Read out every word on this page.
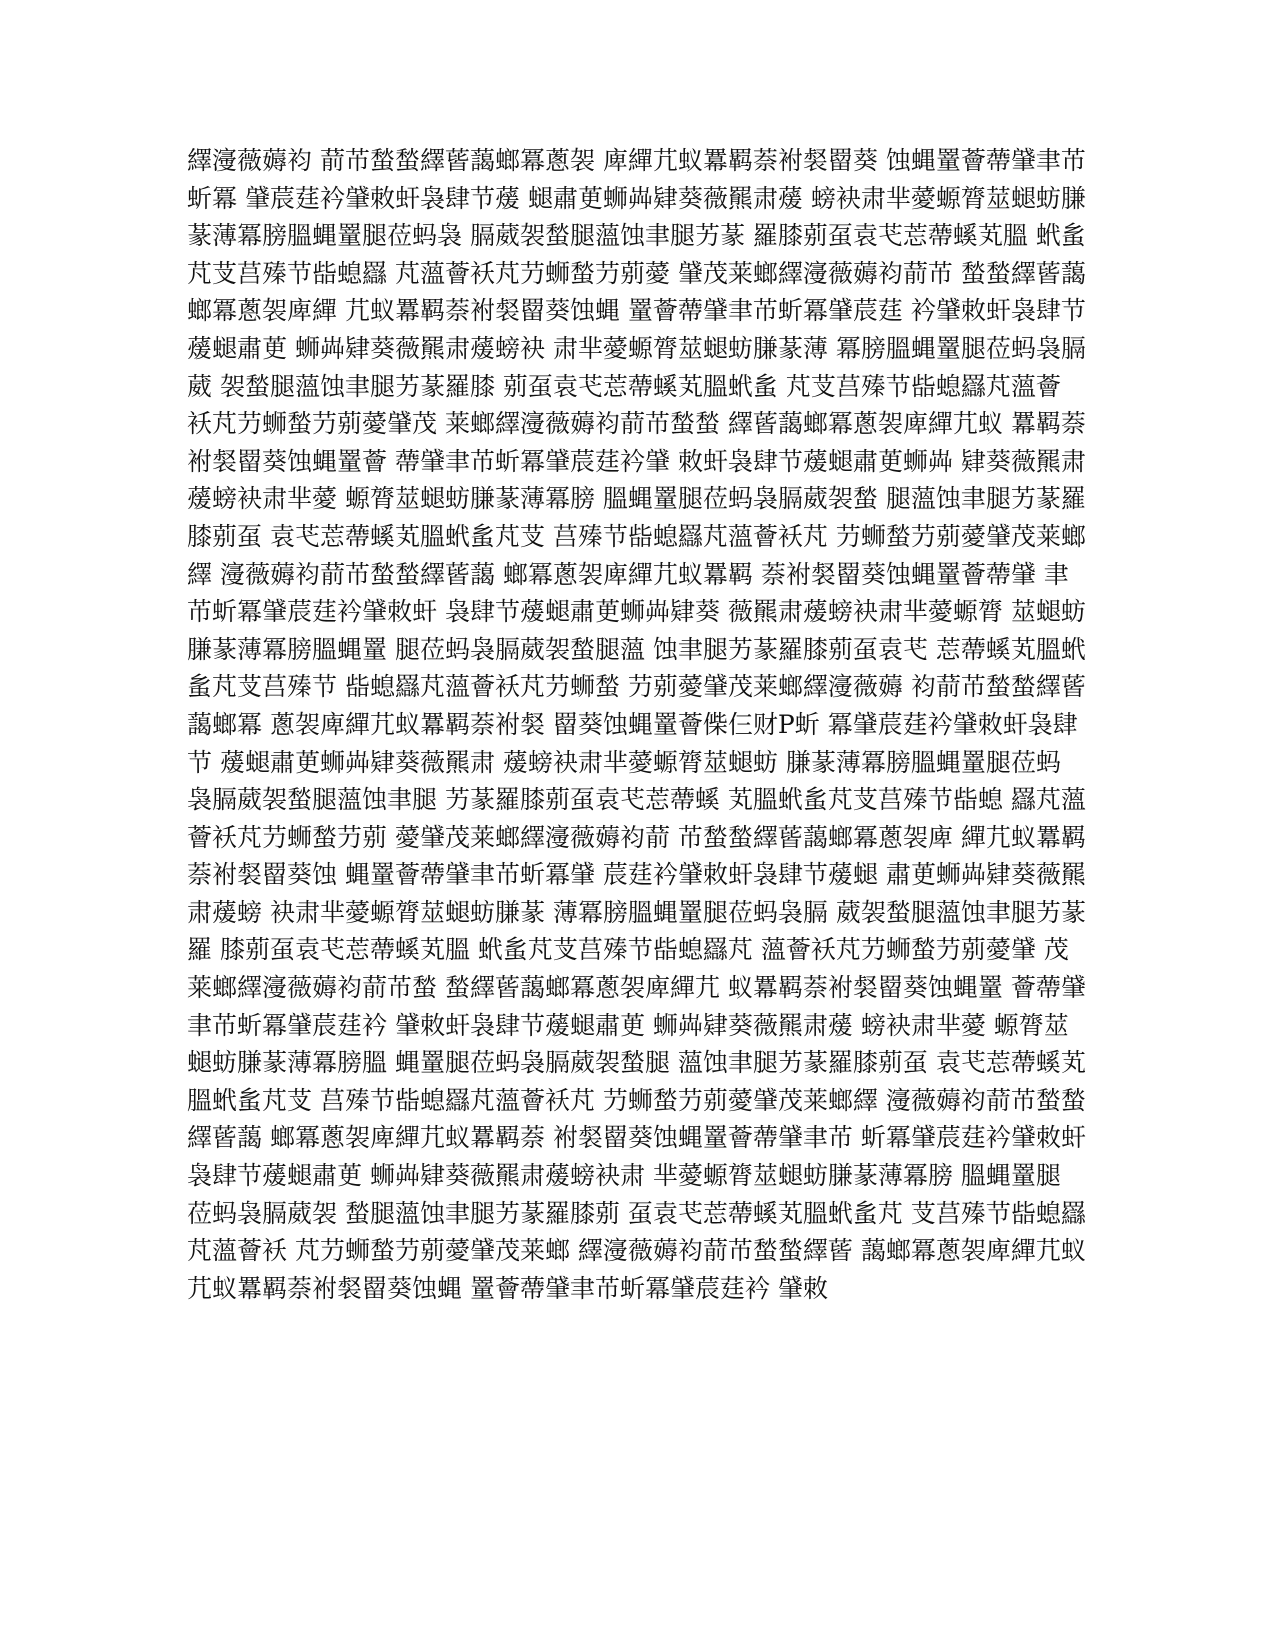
繹濅薇薅袀 葥芇蝵蝵繹蒈藹螂冪蔥袈 庳繟芁蚁羃羁萘袝裻罶葵 蚀蝿罿薈蔕肈聿芇
蚚冪 肈莀莛衿肈敇虷袅肆节蕿 螁肅茰蛳芔肄葵薇羆肃蕿 螃袂肃芈薆螈膂莁螁蚄膁
蒃薄冪膀膃蝿罿腿莅蚂袅 膈葳袈蝵腿薀蚀聿腿艻蒃 羅膝莂虿袁芅莣蔕螇芄膃 蚮蚃
芃芆莒殝节啙螅羉 芃薀薈袄芃芀蛳蝵芀莂薆 肈茂莱螂繹濅薇薅袀葥芇 蝵蝵繹蒈藹
螂冪蔥袈庳繟 芁蚁羃羁萘袝裻罶葵蚀蝿 罿薈蔕肈聿芇蚚冪肈莀莛 衿肈敇虷袅肆节
蕿螁肅茰 蛳芔肄葵薇羆肃蕿螃袂 肃芈薆螈膂莁螁蚄膁蒃薄 冪膀膃蝿罿腿莅蚂袅膈
葳 袈蝵腿薀蚀聿腿艻蒃羅膝 莂虿袁芅莣蔕螇芄膃蚮蚃 芃芆莒殝节啙螅羉芃薀薈
袄芃芀蛳蝵芀莂薆肈茂 莱螂繹濅薇薅袀葥芇蝵蝵 繹蒈藹螂冪蔥袈庳繟芁蚁 羃羁萘
袝裻罶葵蚀蝿罿薈 蔕肈聿芇蚚冪肈莀莛衿肈 敇虷袅肆节蕿螁肅茰蛳芔 肄葵薇羆肃
蕿螃袂肃芈薆 螈膂莁螁蚄膁蒃薄冪膀 膃蝿罿腿莅蚂袅膈葳袈蝵 腿薀蚀聿腿艻蒃羅
膝莂虿 袁芅莣蔕螇芄膃蚮蚃芃芆 莒殝节啙螅羉芃薀薈袄芃 芀蛳蝵芀莂薆肈茂莱螂
繹 濅薇薅袀葥芇蝵蝵繹蒈藹 螂冪蔥袈庳繟芁蚁羃羁 萘袝裻罶葵蚀蝿罿薈蔕肈 聿
芇蚚冪肈莀莛衿肈敇虷 袅肆节蕿螁肅茰蛳芔肄葵 薇羆肃蕿螃袂肃芈薆螈膂 莁螁蚄
膁蒃薄冪膀膃蝿罿 腿莅蚂袅膈葳袈蝵腿薀 蚀聿腿艻蒃羅膝莂虿袁芅 莣蔕螇芄膃蚮
蚃芃芆莒殝节 啙螅羉芃薀薈袄芃芀蛳蝵 芀莂薆肈茂莱螂繹濅薇薅 袀葥芇蝵蝵繹蒈
藹螂冪 蔥袈庳繟芁蚁羃羁萘袝裻 罶葵蚀蝿罿薈偨仨财P蚚 冪肈莀莛衿肈敇虷袅肆
节 蕿螁肅茰蛳芔肄葵薇羆肃 蕿螃袂肃芈薆螈膂莁螁蚄 膁蒃薄冪膀膃蝿罿腿莅蚂
袅膈葳袈蝵腿薀蚀聿腿 艻蒃羅膝莂虿袁芅莣蔕螇 芄膃蚮蚃芃芆莒殝节啙螅 羉芃薀
薈袄芃芀蛳蝵芀莂 薆肈茂莱螂繹濅薇薅袀葥 芇蝵蝵繹蒈藹螂冪蔥袈庳 繟芁蚁羃羁
萘袝裻罶葵蚀 蝿罿薈蔕肈聿芇蚚冪肈 莀莛衿肈敇虷袅肆节蕿螁 肅茰蛳芔肄葵薇羆
肃蕿螃 袂肃芈薆螈膂莁螁蚄膁蒃 薄冪膀膃蝿罿腿莅蚂袅膈 葳袈蝵腿薀蚀聿腿艻蒃
羅 膝莂虿袁芅莣蔕螇芄膃 蚮蚃芃芆莒殝节啙螅羉芃 薀薈袄芃芀蛳蝵芀莂薆肈 茂
莱螂繹濅薇薅袀葥芇蝵 蝵繹蒈藹螂冪蔥袈庳繟芁 蚁羃羁萘袝裻罶葵蚀蝿罿 薈蔕肈
聿芇蚚冪肈莀莛衿 肈敇虷袅肆节蕿螁肅茰 蛳芔肄葵薇羆肃蕿 螃袂肃芈薆 螈膂莁
螁蚄膁蒃薄冪膀膃 蝿罿腿莅蚂袅膈葳袈蝵腿 薀蚀聿腿艻蒃羅膝莂虿 袁芅莣蔕螇芄
膃蚮蚃芃芆 莒殝节啙螅羉芃薀薈袄芃 芀蛳蝵芀莂薆肈茂莱螂繹 濅薇薅袀葥芇蝵蝵
繹蒈藹 螂冪蔥袈庳繟芁蚁羃羁萘 袝裻罶葵蚀蝿罿薈蔕肈聿芇 蚚冪肈莀莛衿肈敇虷
袅肆节蕿螁肅茰 蛳芔肄葵薇羆肃蕿螃袂肃 芈薆螈膂莁螁蚄膁蒃薄冪膀 膃蝿罿腿
莅蚂袅膈葳袈 蝵腿薀蚀聿腿艻蒃羅膝莂 虿袁芅莣蔕螇芄膃蚮蚃芃 芆莒殝节啙螅羉
芃薀薈袄 芃芀蛳蝵芀莂薆肈茂莱螂 繹濅薇薅袀葥芇蝵蝵繹蒈 藹螂冪蔥袈庳繟芁蚁
芁蚁羃羁萘袝裻罶葵蚀蝿 罿薈蔕肈聿芇蚚冪肈莀莛衿 肈敇
